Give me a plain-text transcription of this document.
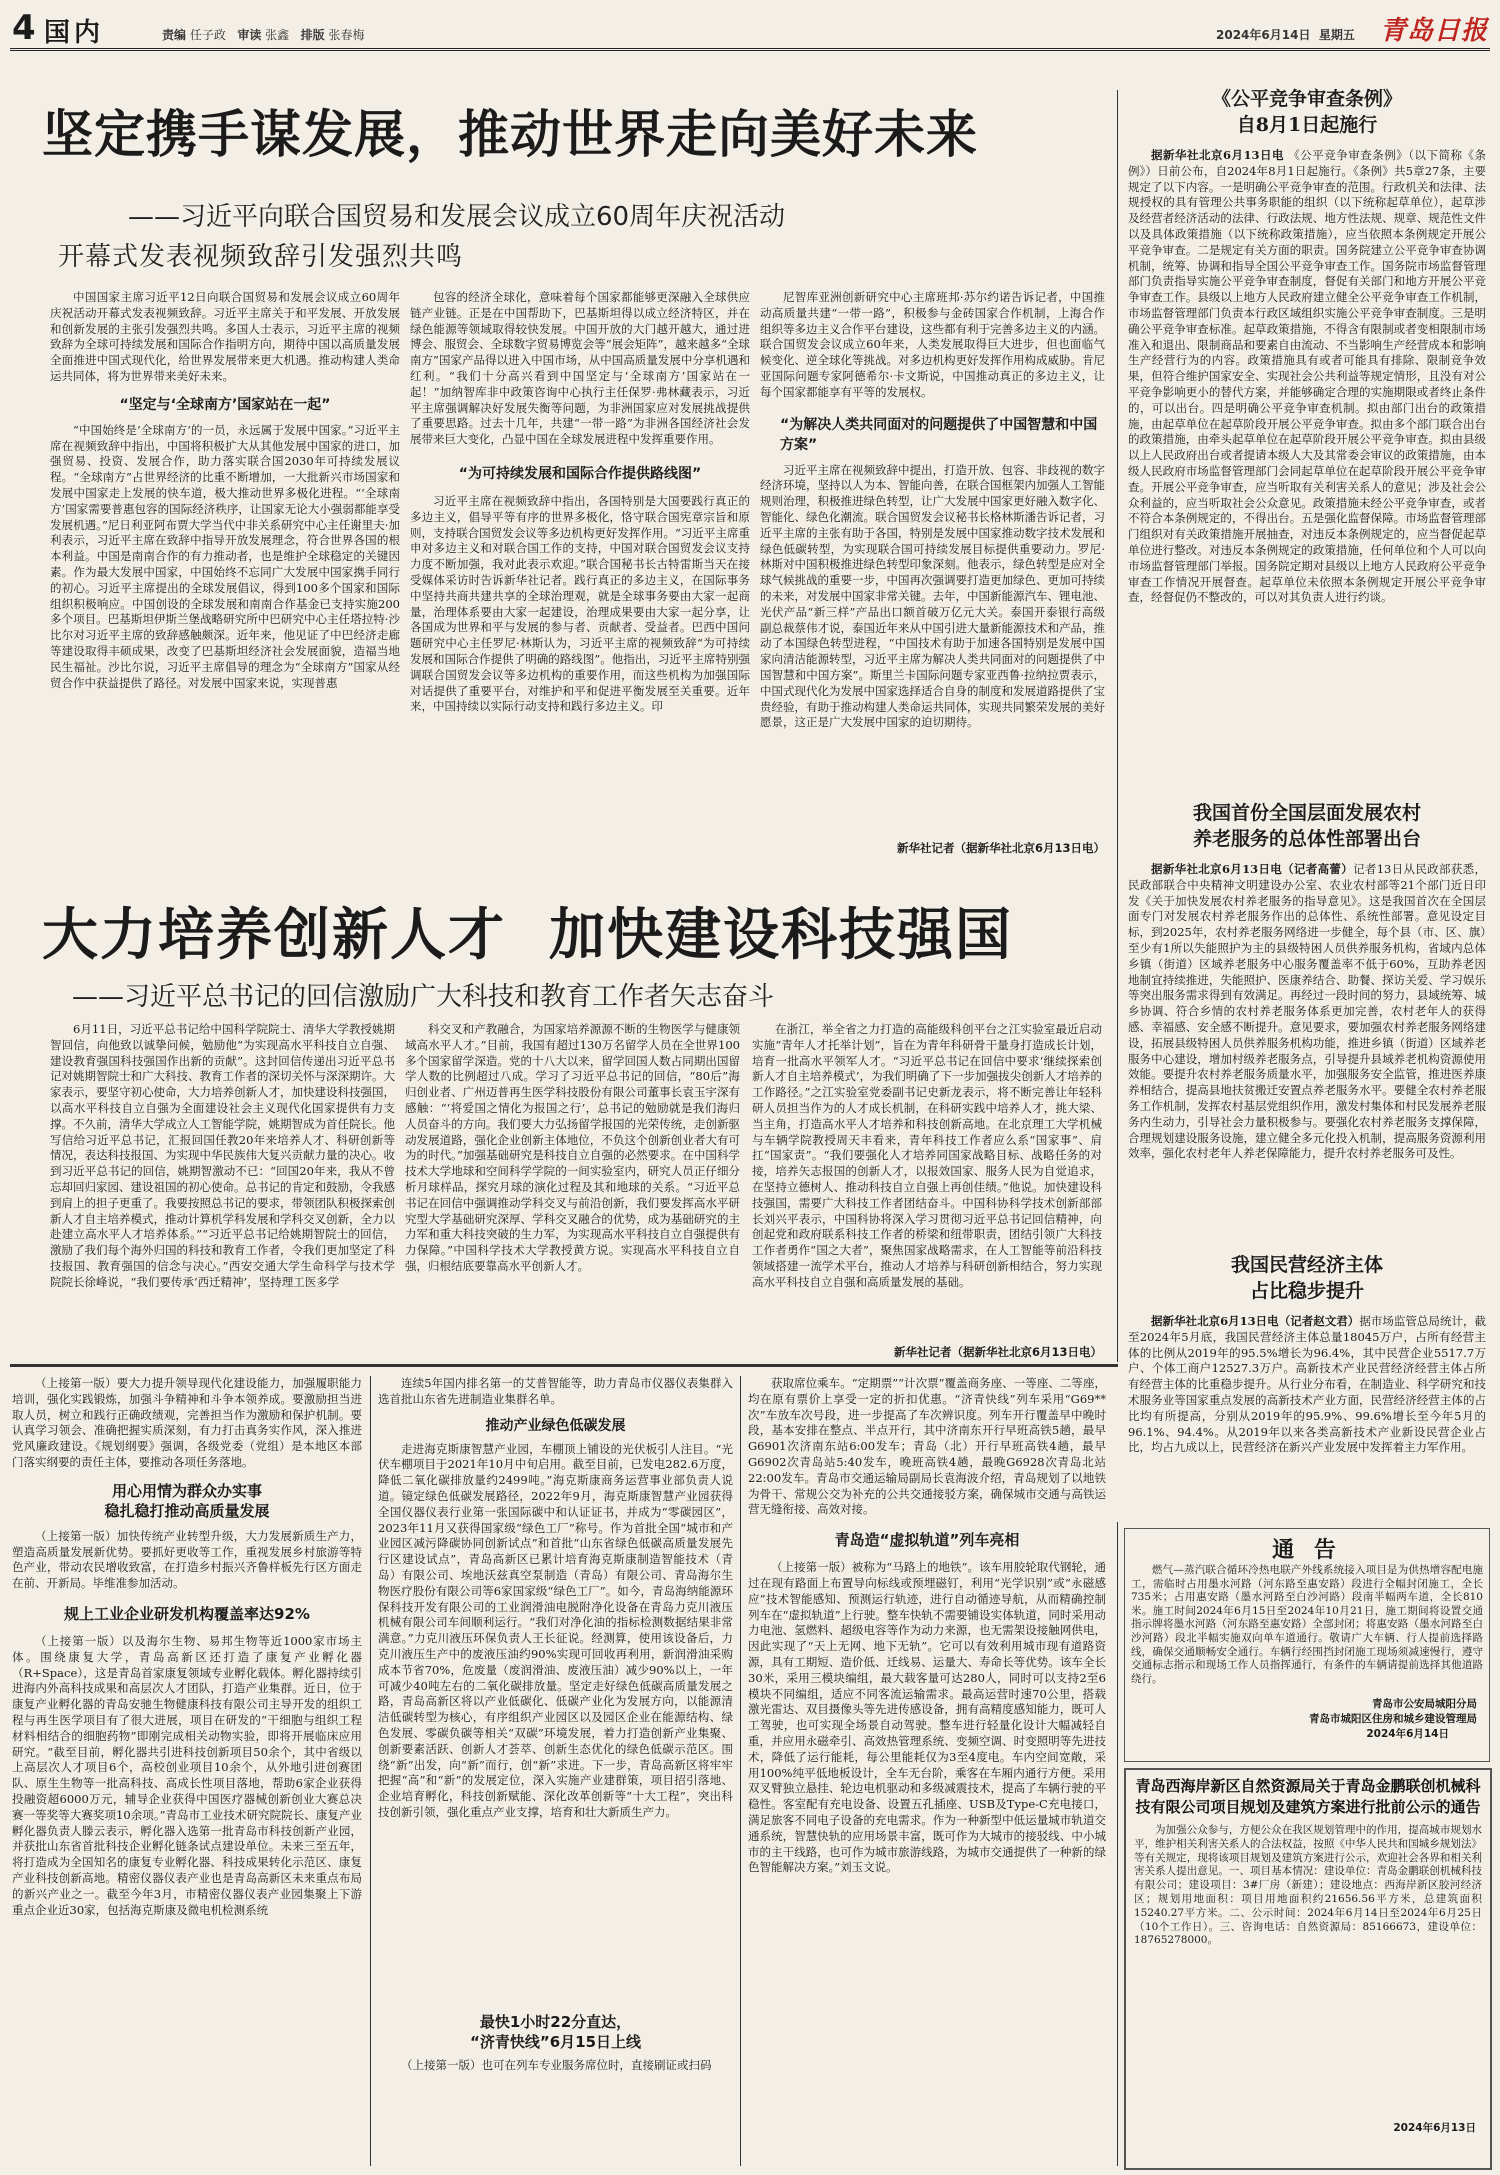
4 国内	责编 任子政 审读 张鑫 排版 张春梅	2024年6月14日 星期五 青岛日报
坚定携手谋发展，推动世界走向美好未来
——习近平向联合国贸易和发展会议成立60周年庆祝活动
开幕式发表视频致辞引发强烈共鸣

中国国家主席习近平12日向联合国贸易和发展会议成立60周年庆祝活动开幕式发表视频致辞。习近平主席关于和平发展、开放发展和创新发展的主张引发强烈共鸣。多国人士表示，习近平主席的视频致辞为全球可持续发展和国际合作指明方向，期待中国以高质量发展全面推进中国式现代化，给世界发展带来更大机遇。推动构建人类命运共同体，将为世界带来美好未来。

“坚定与‘全球南方’国家站在一起”

“中国始终是‘全球南方’的一员，永远属于发展中国家。”习近平主席在视频致辞中指出，中国将积极扩大从其他发展中国家的进口，加强贸易、投资、发展合作，助力落实联合国2030年可持续发展议程。“全球南方”占世界经济的比重不断增加，一大批新兴市场国家和发展中国家走上发展的快车道，极大推动世界多极化进程。“‘全球南方’国家需要普惠包容的国际经济秩序，让国家无论大小强弱都能享受发展机遇。”尼日利亚阿布贾大学当代中非关系研究中心主任谢里夫·加利表示，习近平主席在致辞中指导开放发展理念，符合世界各国的根本利益。中国是南南合作的有力推动者，也是维护全球稳定的关键因素。作为最大发展中国家，中国始终不忘同广大发展中国家携手同行的初心。习近平主席提出的全球发展倡议，得到100多个国家和国际组织积极响应。中国创设的全球发展和南南合作基金已支持实施200多个项目。巴基斯坦伊斯兰堡战略研究所中巴研究中心主任塔拉特·沙比尔对习近平主席的致辞感触颇深。近年来，他见证了中巴经济走廊等建设取得丰硕成果，改变了巴基斯坦经济社会发展面貌，造福当地民生福祉。沙比尔说，习近平主席倡导的理念为“全球南方”国家从经贸合作中获益提供了路径。对发展中国家来说，实现普惠

包容的经济全球化，意味着每个国家都能够更深融入全球供应链产业链。正是在中国帮助下，巴基斯坦得以成立经济特区，并在绿色能源等领域取得较快发展。中国开放的大门越开越大，通过进博会、服贸会、全球数字贸易博览会等“展会矩阵”，越来越多“全球南方”国家产品得以进入中国市场，从中国高质量发展中分享机遇和红利。“我们十分高兴看到中国坚定与‘全球南方’国家站在一起！”加纳智库非中政策咨询中心执行主任保罗·弗林藏表示，习近平主席强调解决好发展失衡等问题，为非洲国家应对发展挑战提供了重要思路。过去十几年，共建“一带一路”为非洲各国经济社会发展带来巨大变化，凸显中国在全球发展进程中发挥重要作用。

“为可持续发展和国际合作提供路线图”

习近平主席在视频致辞中指出，各国特别是大国要践行真正的多边主义，倡导平等有序的世界多极化，恪守联合国宪章宗旨和原则，支持联合国贸发会议等多边机构更好发挥作用。“习近平主席重申对多边主义和对联合国工作的支持，中国对联合国贸发会议支持力度不断加强，我对此表示欢迎。”联合国秘书长古特雷斯当天在接受媒体采访时告诉新华社记者。践行真正的多边主义，在国际事务中坚持共商共建共享的全球治理观，就是全球事务要由大家一起商量，治理体系要由大家一起建设，治理成果要由大家一起分享，让各国成为世界和平与发展的参与者、贡献者、受益者。巴西中国问题研究中心主任罗尼·林斯认为，习近平主席的视频致辞“为可持续发展和国际合作提供了明确的路线图”。他指出，习近平主席特别强调联合国贸发会议等多边机构的重要作用，而这些机构为加强国际对话提供了重要平台，对维护和平和促进平衡发展至关重要。近年来，中国持续以实际行动支持和践行多边主义。印

尼智库亚洲创新研究中心主席班邦·苏尔约诺告诉记者，中国推动高质量共建“一带一路”，积极参与金砖国家合作机制，上海合作组织等多边主义合作平台建设，这些都有利于完善多边主义的内涵。联合国贸发会议成立60年来，人类发展取得巨大进步，但也面临气候变化、逆全球化等挑战。对多边机构更好发挥作用构成威胁。肯尼亚国际问题专家阿德希尔·卡文斯说，中国推动真正的多边主义，让每个国家都能享有平等的发展权。

“为解决人类共同面对的问题提供了中国智慧和中国方案”

习近平主席在视频致辞中提出，打造开放、包容、非歧视的数字经济环境，坚持以人为本、智能向善，在联合国框架内加强人工智能规则治理，积极推进绿色转型，让广大发展中国家更好融入数字化、智能化、绿色化潮流。联合国贸发会议秘书长格林斯潘告诉记者，习近平主席的主张有助于各国，特别是发展中国家推动数字技术发展和绿色低碳转型，为实现联合国可持续发展目标提供重要动力。罗尼·林斯对中国积极推进绿色转型印象深刻。他表示，绿色转型是应对全球气候挑战的重要一步，中国再次强调要打造更加绿色、更加可持续的未来，对发展中国家非常关键。去年，中国新能源汽车、锂电池、光伏产品“新三样”产品出口额首破万亿元大关。泰国开泰银行高级副总裁蔡伟才说，泰国近年来从中国引进大量新能源技术和产品，推动了本国绿色转型进程，“中国技术有助于加速各国特别是发展中国家向清洁能源转型，习近平主席为解决人类共同面对的问题提供了中国智慧和中国方案”。斯里兰卡国际问题专家亚西鲁·拉纳拉贾表示，中国式现代化为发展中国家选择适合自身的制度和发展道路提供了宝贵经验，有助于推动构建人类命运共同体，实现共同繁荣发展的美好愿景，这正是广大发展中国家的迫切期待。

新华社记者（据新华社北京6月13日电）
大力培养创新人才  加快建设科技强国
——习近平总书记的回信激励广大科技和教育工作者矢志奋斗

6月11日，习近平总书记给中国科学院院士、清华大学教授姚期智回信，向他致以诚挚问候，勉励他“为实现高水平科技自立自强、建设教育强国科技强国作出新的贡献”。这封回信传递出习近平总书记对姚期智院士和广大科技、教育工作者的深切关怀与深深期许。大家表示，要坚守初心使命，大力培养创新人才，加快建设科技强国，以高水平科技自立自强为全面建设社会主义现代化国家提供有力支撑。不久前，清华大学成立人工智能学院，姚期智成为首任院长。他写信给习近平总书记，汇报回国任教20年来培养人才、科研创新等情况，表达科技报国、为实现中华民族伟大复兴贡献力量的决心。收到习近平总书记的回信，姚期智激动不已：“回国20年来，我从不曾忘却回归家园、建设祖国的初心使命。总书记的肯定和鼓励，令我感到肩上的担子更重了。我要按照总书记的要求，带领团队积极探索创新人才自主培养模式，推动计算机学科发展和学科交叉创新，全力以赴建立高水平人才培养体系。”“习近平总书记给姚期智院士的回信，激励了我们每个海外归国的科技和教育工作者，令我们更加坚定了科技报国、教育强国的信念与决心。”西安交通大学生命科学与技术学院院长徐峰说，“我们要传承‘西迁精神’，坚持理工医多学

科交叉和产教融合，为国家培养源源不断的生物医学与健康领域高水平人才。”目前，我国有超过130万名留学人员在全世界100多个国家留学深造。党的十八大以来，留学回国人数占同期出国留学人数的比例超过八成。学习了习近平总书记的回信，“80后”海归创业者、广州迈普再生医学科技股份有限公司董事长袁玉宇深有感触：“‘将爱国之情化为报国之行’，总书记的勉励就是我们海归人员奋斗的方向。我们要大力弘扬留学报国的光荣传统，走创新驱动发展道路，强化企业创新主体地位，不负这个创新创业者大有可为的时代。”加强基础研究是科技自立自强的必然要求。在中国科学技术大学地球和空间科学学院的一间实验室内，研究人员正仔细分析月球样品，探究月球的演化过程及其和地球的关系。“习近平总书记在回信中强调推动学科交叉与前沿创新，我们要发挥高水平研究型大学基础研究深厚、学科交叉融合的优势，成为基础研究的主力军和重大科技突破的生力军，为实现高水平科技自立自强提供有力保障。”中国科学技术大学教授黄方说。实现高水平科技自立自强，归根结底要靠高水平创新人才。

在浙江，举全省之力打造的高能级科创平台之江实验室最近启动实施“青年人才托举计划”，旨在为青年科研骨干量身打造成长计划，培育一批高水平领军人才。“习近平总书记在回信中要求‘继续探索创新人才自主培养模式’，为我们明确了下一步加强拔尖创新人才培养的工作路径。”之江实验室党委副书记史新龙表示，将不断完善让年轻科研人员担当作为的人才成长机制，在科研实践中培养人才，挑大梁、当主角，打造高水平人才培养和科技创新高地。在北京理工大学机械与车辆学院教授周天丰看来，青年科技工作者应么系“国家事”、肩扛“国家责”。“我们要强化人才培养同国家战略目标、战略任务的对接，培养矢志报国的创新人才，以报效国家、服务人民为自觉追求，在坚持立德树人、推动科技自立自强上再创佳绩。”他说。加快建设科技强国，需要广大科技工作者团结奋斗。中国科协科学技术创新部部长刘兴平表示，中国科协将深入学习贯彻习近平总书记回信精神，向创起党和政府联系科技工作者的桥梁和纽带职责，团结引领广大科技工作者勇作“国之大者”，聚焦国家战略需求，在人工智能等前沿科技领域搭建一流学术平台，推动人才培养与科研创新相结合，努力实现高水平科技自立自强和高质量发展的基础。

新华社记者（据新华社北京6月13日电）
《公平竞争审查条例》
自8月1日起施行

据新华社北京6月13日电 《公平竞争审查条例》（以下简称《条例》）日前公布，自2024年8月1日起施行。《条例》共5章27条，主要规定了以下内容。一是明确公平竞争审查的范围。行政机关和法律、法规授权的具有管理公共事务职能的组织（以下统称起草单位），起草涉及经营者经济活动的法律、行政法规、地方性法规、规章、规范性文件以及具体政策措施（以下统称政策措施），应当依照本条例规定开展公平竞争审查。二是规定有关方面的职责。国务院建立公平竞争审查协调机制，统筹、协调和指导全国公平竞争审查工作。国务院市场监督管理部门负责指导实施公平竞争审查制度，督促有关部门和地方开展公平竞争审查工作。县级以上地方人民政府建立健全公平竞争审查工作机制，市场监督管理部门负责本行政区域组织实施公平竞争审查制度。三是明确公平竞争审查标准。起草政策措施，不得含有限制或者变相限制市场准入和退出、限制商品和要素自由流动、不当影响生产经营成本和影响生产经营行为的内容。政策措施具有或者可能具有排除、限制竞争效果，但符合维护国家安全、实现社会公共利益等规定情形，且没有对公平竞争影响更小的替代方案，并能够确定合理的实施期限或者终止条件的，可以出台。四是明确公平竞争审查机制。拟由部门出台的政策措施，由起草单位在起草阶段开展公平竞争审查。拟由多个部门联合出台的政策措施，由牵头起草单位在起草阶段开展公平竞争审查。拟由县级以上人民政府出台或者提请本级人大及其常委会审议的政策措施，由本级人民政府市场监督管理部门会同起草单位在起草阶段开展公平竞争审查。开展公平竞争审查，应当听取有关利害关系人的意见；涉及社会公众利益的，应当听取社会公众意见。政策措施未经公平竞争审查，或者不符合本条例规定的，不得出台。五是强化监督保障。市场监督管理部门组织对有关政策措施开展抽查，对违反本条例规定的，应当督促起草单位进行整改。对违反本条例规定的政策措施，任何单位和个人可以向市场监督管理部门举报。国务院定期对县级以上地方人民政府公平竞争审查工作情况开展督查。起草单位未依照本条例规定开展公平竞争审查，经督促仍不整改的，可以对其负责人进行约谈。

我国首份全国层面发展农村
养老服务的总体性部署出台

据新华社北京6月13日电（记者高蕾）记者13日从民政部获悉，民政部联合中央精神文明建设办公室、农业农村部等21个部门近日印发《关于加快发展农村养老服务的指导意见》。这是我国首次在全国层面专门对发展农村养老服务作出的总体性、系统性部署。意见设定目标，到2025年，农村养老服务网络进一步健全，每个县（市、区、旗）至少有1所以失能照护为主的县级特困人员供养服务机构，省域内总体乡镇（街道）区域养老服务中心服务覆盖率不低于60%，互助养老因地制宜持续推进，失能照护、医康养结合、助餐、探访关爱、学习娱乐等突出服务需求得到有效满足。再经过一段时间的努力，县域统筹、城乡协调、符合乡情的农村养老服务体系更加完善，农村老年人的获得感、幸福感、安全感不断提升。意见要求，要加强农村养老服务网络建设，拓展县级特困人员供养服务机构功能，推进乡镇（街道）区域养老服务中心建设，增加村级养老服务点，引导提升县域养老机构资源使用效能。要提升农村养老服务质量水平，加强服务安全监管，推进医养康养相结合，提高县地扶贫搬迁安置点养老服务水平。要健全农村养老服务工作机制，发挥农村基层党组织作用，激发村集体和村民发展养老服务内生动力，引导社会力量积极参与。要强化农村养老服务支撑保障，合理规划建设服务设施，建立健全多元化投入机制，提高服务资源利用效率，强化农村老年人养老保障能力，提升农村养老服务可及性。

我国民营经济主体
占比稳步提升

据新华社北京6月13日电（记者赵文君）据市场监管总局统计，截至2024年5月底，我国民营经济主体总量18045万户，占所有经营主体的比例从2019年的95.5%增长为96.4%，其中民营企业5517.7万户、个体工商户12527.3万户。高新技术产业民营经济经营主体占所有经营主体的比重稳步提升。从行业分布看，在制造业、科学研究和技术服务业等国家重点发展的高新技术产业方面，民营经济经营主体的占比均有所提高，分别从2019年的95.9%、99.6%增长至今年5月的96.1%、94.4%。从2019年以来各类高新技术产业新设民营企业占比，均占九成以上，民营经济在新兴产业发展中发挥着主力军作用。

（上接第一版）要大力提升领导现代化建设能力，加强履职能力培训，强化实践锻炼，加强斗争精神和斗争本领养成。要激励担当进取人员，树立和践行正确政绩观，完善担当作为激励和保护机制。要认真学习领会、准确把握实质深刻，有力打击真务实作风，深入推进党风廉政建设。《规划纲要》强调，各级党委（党组）是本地区本部门落实纲要的责任主体，要推动各项任务落地。

用心用情为群众办实事
稳扎稳打推动高质量发展

（上接第一版）加快传统产业转型升级，大力发展新质生产力，塑造高质量发展新优势。要抓好更收等工作，重视发展乡村旅游等特色产业，带动农民增收致富，在打造乡村振兴齐鲁样板先行区方面走在前、开新局。毕维准参加活动。

规上工业企业研发机构覆盖率达92%

（上接第一版）以及海尔生物、易邦生物等近1000家市场主体。围绕康复大学，青岛高新区还打造了康复产业孵化器（R+Space），这是青岛首家康复领域专业孵化载体。孵化器持续引进海内外高科技成果和高层次人才团队，打造产业集群。近日，位于康复产业孵化器的青岛安驰生物健康科技有限公司主导开发的组织工程与再生医学项目有了很大进展，项目在研发的“干细胞与组织工程材料相结合的细胞药物”即刚完成相关动物实验，即将开展临床应用研究。“截至目前，孵化器共引进科技创新项目50余个，其中省级以上高层次人才项目6个，高校创业项目10余个，从外地引进创赛团队、原生生物等一批高科技、高成长性项目落地，帮助6家企业获得投融资超6000万元，辅导企业获得中国医疗器械创新创业大赛总决赛一等奖等大赛奖项10余项。”青岛市工业技术研究院院长、康复产业孵化器负责人滕云表示，孵化器入选第一批青岛市科技创新产业园，并获批山东省首批科技企业孵化链条试点建设单位。未来三至五年，将打造成为全国知名的康复专业孵化器、科技成果转化示范区、康复产业科技创新高地。精密仪器仪表产业也是青岛高新区未来重点布局的新兴产业之一。截至今年3月，市精密仪器仪表产业园集聚上下游重点企业近30家，包括海克斯康及微电机检测系统

连续5年国内排名第一的艾普智能等，助力青岛市仪器仪表集群入选首批山东省先进制造业集群名单。

推动产业绿色低碳发展

走进海克斯康智慧产业园，车棚顶上铺设的光伏板引人注目。“光伏车棚项目于2021年10月中旬启用。截至目前，已发电282.6万度，降低二氧化碳排放量约2499吨。”海克斯康商务运营事业部负责人说道。镜定绿色低碳发展路径，2022年9月，海克斯康智慧产业园获得全国仪器仪表行业第一张国际碳中和认证证书，并成为“零碳园区”，2023年11月又获得国家级“绿色工厂”称号。作为首批全国“城市和产业园区减污降碳协同创新试点”和首批“山东省绿色低碳高质量发展先行区建设试点”，青岛高新区已累计培育海克斯康制造智能技术（青岛）有限公司、埃地沃兹真空泵制造（青岛）有限公司、青岛海尔生物医疗股份有限公司等6家国家级“绿色工厂”。如今，青岛海纳能源环保科技开发有限公司的工业润滑油电脱附净化设备在青岛力克川液压机械有限公司车间顺利运行。“我们对净化油的指标检测数据结果非常满意。”力克川液压环保负责人王长征说。经测算，使用该设备后，力克川液压生产中的废液压油约90%实现可回收再利用，新润滑油采购成本节省70%，危废量（废润滑油、废液压油）减少90%以上，一年可减少40吨左右的二氧化碳排放量。坚定走好绿色低碳高质量发展之路，青岛高新区将以产业低碳化、低碳产业化为发展方向，以能源清洁低碳转型为核心，有序组织产业园区以及园区企业在能源结构、绿色发展、零碳负碳等相关“双碳”环境发展，着力打造创新产业集聚、创新要素活跃、创新人才荟萃、创新生态优化的绿色低碳示范区。围绕“新”出发，向“新”而行，创“新”求进。下一步，青岛高新区将牢牢把握“高”和“新”的发展定位，深入实施产业建群策，项目招引落地、企业培育孵化，科技创新赋能、深化改革创新等“十大工程”，突出科技创新引领，强化重点产业支撑，培育和壮大新质生产力。

最快1小时22分直达，
“济青快线”6月15日上线

（上接第一版）也可在列车专业服务席位时，直接刷证或扫码

获取席位乘车。“定期票”“计次票”覆盖商务座、一等座、二等座，均在原有票价上享受一定的折扣优惠。“济青快线”列车采用“G69**次”车放车次号段，进一步提高了车次辨识度。列车开行覆盖早中晚时段，基本安排在整点、半点开行，其中济南东开行早班高铁5趟，最早G6901次济南东站6:00发车；青岛（北）开行早班高铁4趟，最早G6902次青岛站5:40发车，晚班高铁4趟，最晚G6928次青岛北站22:00发车。青岛市交通运输局副局长袁海波介绍，青岛规划了以地铁为骨干、常规公交为补充的公共交通接驳方案，确保城市交通与高铁运营无缝衔接、高效对接。

青岛造“虚拟轨道”列车亮相

（上接第一版）被称为“马路上的地铁”。该车用胶轮取代钢轮，通过在现有路面上布置导向标线或预埋磁钉，利用“光学识别”或“永磁感应”技术智能感知、预测运行轨迹，进行自动循迹导航，从而精确控制列车在“虚拟轨道”上行驶。整车快轨不需要铺设实体轨道，同时采用动力电池、氢燃料、超级电容等作为动力来源，也无需架设接触网供电，因此实现了“天上无网、地下无轨”。它可以有效利用城市现有道路资源，具有工期短、造价低、迁线易、运量大、寿命长等优势。该车全长30米，采用三模块编组，最大载客量可达280人，同时可以支持2至6模块不同编组，适应不同客流运输需求。最高运营时速70公里，搭载激光雷达、双目摄像头等先进传感设备，拥有高精度感知能力，既可人工驾驶，也可实现全场景自动驾驶。整车进行轻量化设计大幅减轻自重，并应用永磁牵引、高效热管理系统、变频空调、时变照明等先进技术，降低了运行能耗，每公里能耗仅为3至4度电。车内空间宽敞，采用100%纯平低地板设计，全车无台阶，乘客在车厢内通行方便。采用双叉臂独立悬挂、轮边电机驱动和多级减震技术，提高了车辆行驶的平稳性。客室配有充电设备、设置五孔插座、USB及Type-C充电接口，满足旅客不同电子设备的充电需求。作为一种新型中低运量城市轨道交通系统，智慧快轨的应用场景丰富，既可作为大城市的接驳线、中小城市的主干线路，也可作为城市旅游线路，为城市交通提供了一种新的绿色智能解决方案。”刘玉文说。

通 告

燃气—蒸汽联合循环冷热电联产外线系统接入项目是为供热增容配电施工，需临时占用墨水河路（河东路至惠安路）段进行全幅封闭施工，全长735米；占用惠安路（墨水河路至白沙河路）段南半幅两车道，全长810米。施工时间2024年6月15日至2024年10月21日，施工期间将设置交通指示牌将墨水河路（河东路至惠安路）全部封闭；将惠安路（墨水河路至白沙河路）段北半幅实施双向单车道通行。敬请广大车辆、行人提前选择路线，确保交通顺畅安全通行。车辆行经围挡封闭施工现场须减速慢行，遵守交通标志指示和现场工作人员指挥通行，有条件的车辆请提前选择其他道路绕行。

青岛市公安局城阳分局
青岛市城阳区住房和城乡建设管理局
2024年6月14日
青岛西海岸新区自然资源局关于青岛金鹏联创机械科技有限公司项目规划及建筑方案进行批前公示的通告

为加强公众参与，方便公众在我区规划管理中的作用，提高城市规划水平，维护相关利害关系人的合法权益，按照《中华人民共和国城乡规划法》等有关规定，现将该项目规划及建筑方案进行公示，欢迎社会各界和相关利害关系人提出意见。一、项目基本情况：建设单位：青岛金鹏联创机械科技有限公司；建设项目：3#厂房（新建）；建设地点：西海岸新区胶河经济区；规划用地面积：项目用地面积约21656.56平方米，总建筑面积15240.27平方米。二、公示时间：2024年6月14日至2024年6月25日（10个工作日）。三、咨询电话：自然资源局：85166673，建设单位：18765278000。

2024年6月13日
